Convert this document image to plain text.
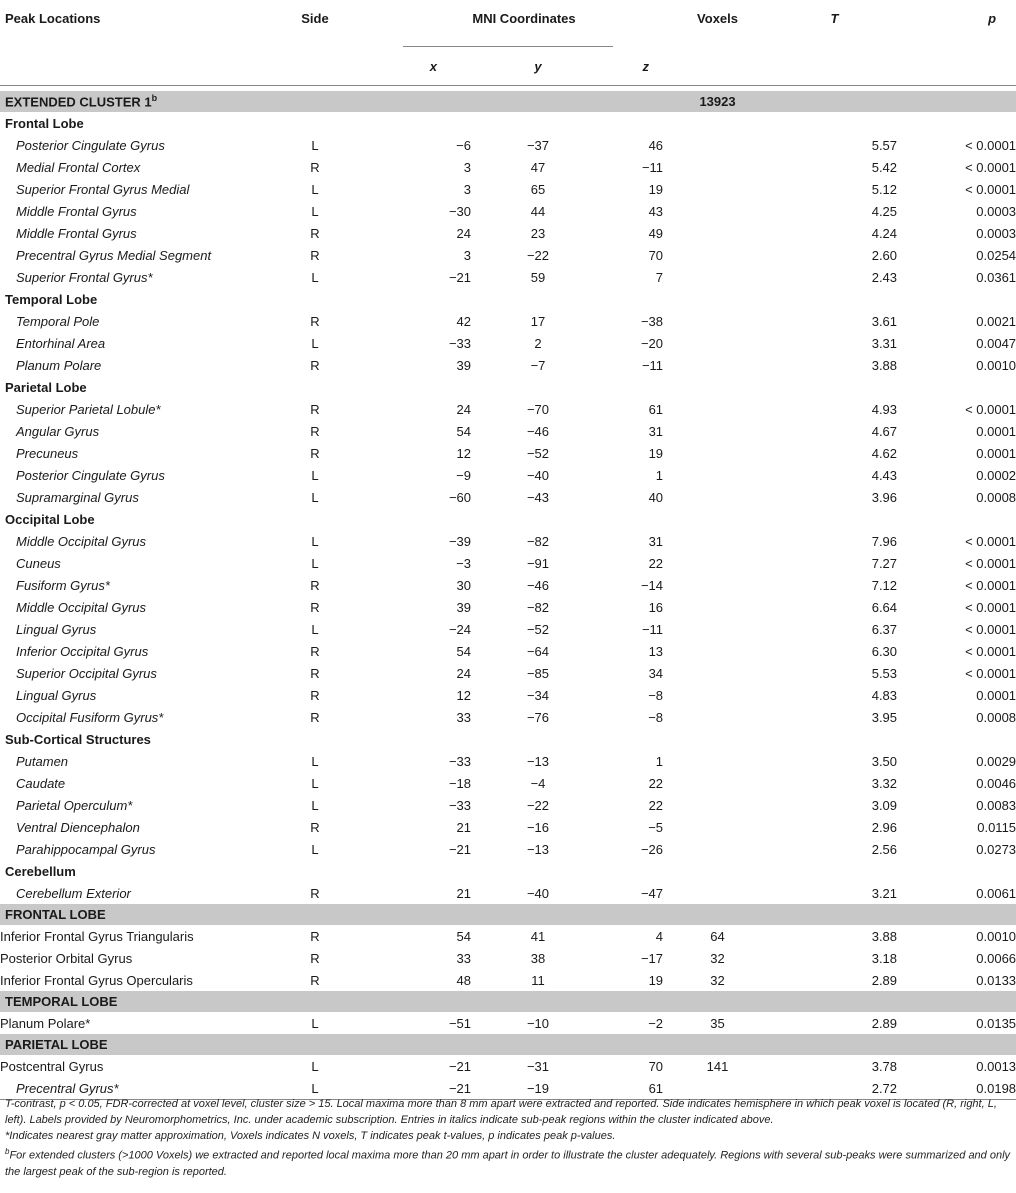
Peak Locations	Side	MNI Coordinates			Voxels	T	p
		x	y	z			

EXTENDED CLUSTER 1$^b$					13923		
Frontal Lobe							
Posterior Cingulate Gyrus	L	−6	−37	46		5.57	< 0.0001
Medial Frontal Cortex	R	3	47	−11		5.42	< 0.0001
Superior Frontal Gyrus Medial	L	3	65	19		5.12	< 0.0001
Middle Frontal Gyrus	L	−30	44	43		4.25	0.0003
Middle Frontal Gyrus	R	24	23	49		4.24	0.0003
Precentral Gyrus Medial Segment	R	3	−22	70		2.60	0.0254
Superior Frontal Gyrus*	L	−21	59	7		2.43	0.0361
Temporal Lobe							
Temporal Pole	R	42	17	−38		3.61	0.0021
Entorhinal Area	L	−33	2	−20		3.31	0.0047
Planum Polare	R	39	−7	−11		3.88	0.0010
Parietal Lobe							
Superior Parietal Lobule*	R	24	−70	61		4.93	< 0.0001
Angular Gyrus	R	54	−46	31		4.67	0.0001
Precuneus	R	12	−52	19		4.62	0.0001
Posterior Cingulate Gyrus	L	−9	−40	1		4.43	0.0002
Supramarginal Gyrus	L	−60	−43	40		3.96	0.0008
Occipital Lobe							
Middle Occipital Gyrus	L	−39	−82	31		7.96	< 0.0001
Cuneus	L	−3	−91	22		7.27	< 0.0001
Fusiform Gyrus*	R	30	−46	−14		7.12	< 0.0001
Middle Occipital Gyrus	R	39	−82	16		6.64	< 0.0001
Lingual Gyrus	L	−24	−52	−11		6.37	< 0.0001
Inferior Occipital Gyrus	R	54	−64	13		6.30	< 0.0001
Superior Occipital Gyrus	R	24	−85	34		5.53	< 0.0001
Lingual Gyrus	R	12	−34	−8		4.83	0.0001
Occipital Fusiform Gyrus*	R	33	−76	−8		3.95	0.0008
Sub-Cortical Structures							
Putamen	L	−33	−13	1		3.50	0.0029
Caudate	L	−18	−4	22		3.32	0.0046
Parietal Operculum*	L	−33	−22	22		3.09	0.0083
Ventral Diencephalon	R	21	−16	−5		2.96	0.0115
Parahippocampal Gyrus	L	−21	−13	−26		2.56	0.0273
Cerebellum							
Cerebellum Exterior	R	21	−40	−47		3.21	0.0061
FRONTAL LOBE							
Inferior Frontal Gyrus Triangularis	R	54	41	4	64	3.88	0.0010
Posterior Orbital Gyrus	R	33	38	−17	32	3.18	0.0066
Inferior Frontal Gyrus Opercularis	R	48	11	19	32	2.89	0.0133
TEMPORAL LOBE							
Planum Polare*	L	−51	−10	−2	35	2.89	0.0135
PARIETAL LOBE							
Postcentral Gyrus	L	−21	−31	70	141	3.78	0.0013
Precentral Gyrus*	L	−21	−19	61		2.72	0.0198

T-contrast, p < 0.05, FDR-corrected at voxel level, cluster size > 15. Local maxima more than 8 mm apart were extracted and reported. Side indicates hemisphere in which peak voxel is located (R, right, L, left). Labels provided by Neuromorphometrics, Inc. under academic subscription. Entries in italics indicate sub-peak regions within the cluster indicated above.

*Indicates nearest gray matter approximation, Voxels indicates N voxels, T indicates peak t-values, p indicates peak p-values.

$^b$For extended clusters (>1000 Voxels) we extracted and reported local maxima more than 20 mm apart in order to illustrate the cluster adequately. Regions with several sub-peaks were summarized and only the largest peak of the sub-region is reported.
